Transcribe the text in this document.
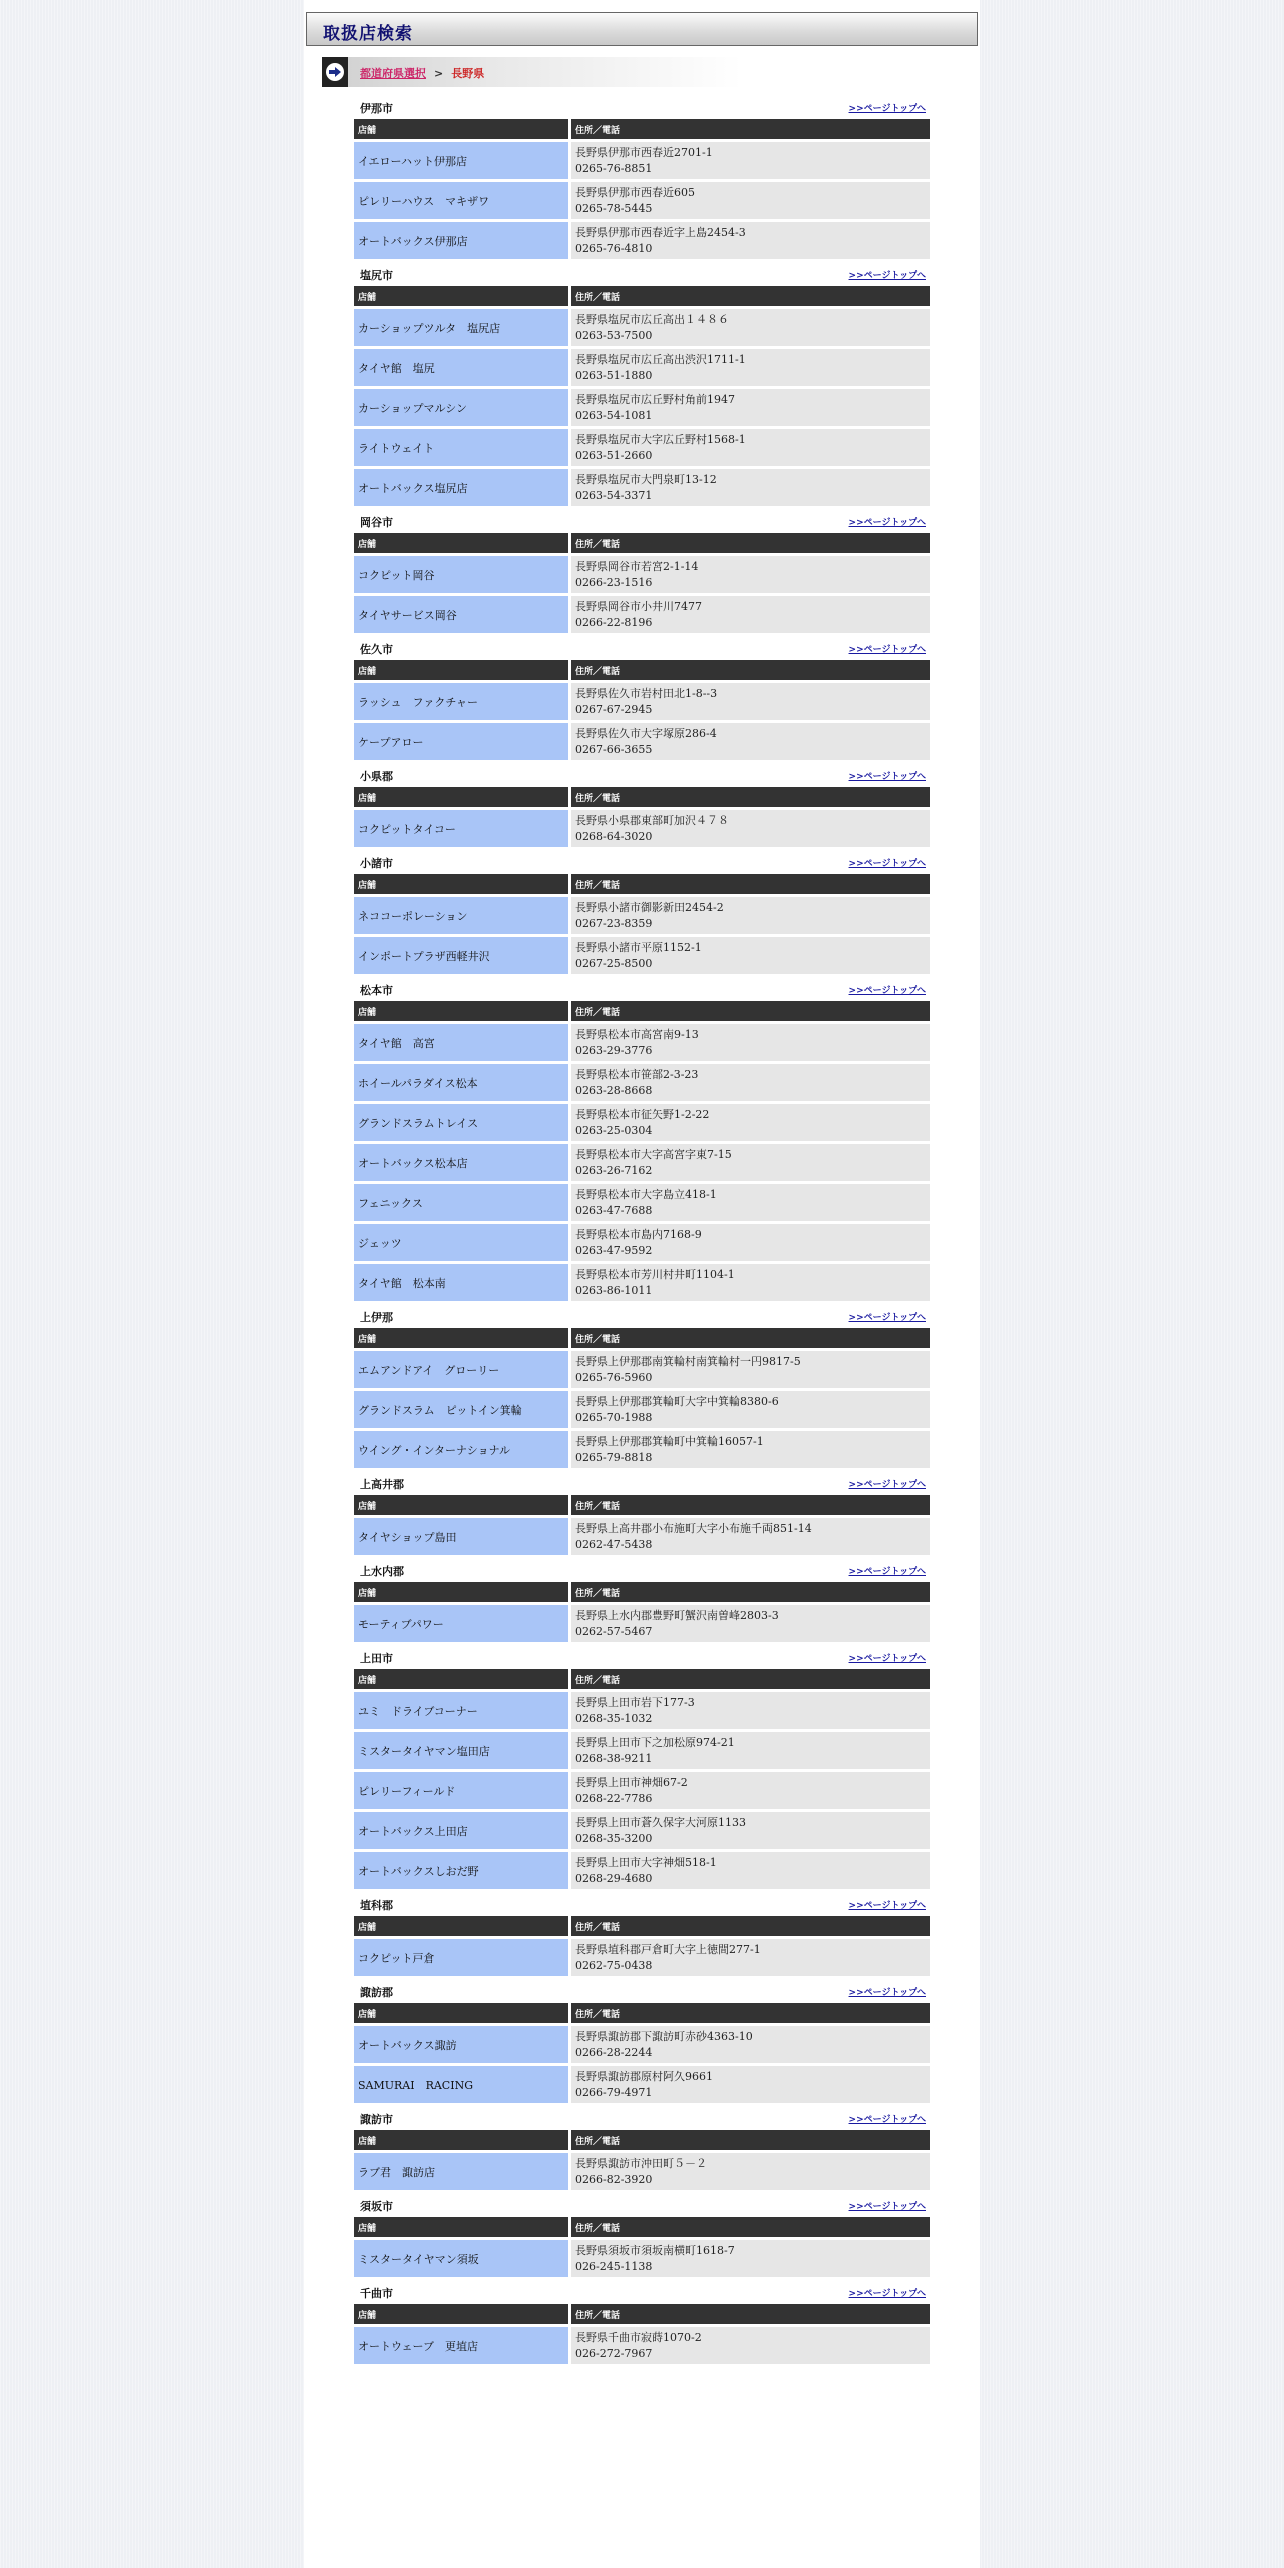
取扱店検索
都道府県選択 > 長野県
伊那市	>>ページトップへ
店舗	住所／電話
イエローハット伊那店	長野県伊那市西春近2701-1
0265-76-8851

ピレリーハウス　マキザワ	長野県伊那市西春近605
0265-78-5445

オートバックス伊那店	長野県伊那市西春近字上島2454-3
0265-76-4810
塩尻市	>>ページトップへ
店舗	住所／電話
カーショップツルタ　塩尻店	長野県塩尻市広丘高出１４８６
0263-53-7500

タイヤ館　塩尻	長野県塩尻市広丘高出渋沢1711-1
0263-51-1880

カーショップマルシン	長野県塩尻市広丘野村角前1947
0263-54-1081

ライトウェイト	長野県塩尻市大字広丘野村1568-1
0263-51-2660

オートバックス塩尻店	長野県塩尻市大門泉町13-12
0263-54-3371
岡谷市	>>ページトップへ
店舗	住所／電話
コクピット岡谷	長野県岡谷市若宮2-1-14
0266-23-1516

タイヤサービス岡谷	長野県岡谷市小井川7477
0266-22-8196
佐久市	>>ページトップへ
店舗	住所／電話
ラッシュ　ファクチャー	長野県佐久市岩村田北1-8--3
0267-67-2945

ケープアロー	長野県佐久市大字塚原286-4
0267-66-3655
小県郡	>>ページトップへ
店舗	住所／電話
コクピットタイコー	長野県小県郡東部町加沢４７８
0268-64-3020
小諸市	>>ページトップへ
店舗	住所／電話
ネココーポレーション	長野県小諸市御影新田2454-2
0267-23-8359

インポートプラザ西軽井沢	長野県小諸市平原1152-1
0267-25-8500
松本市	>>ページトップへ
店舗	住所／電話
タイヤ館　高宮	長野県松本市高宮南9-13
0263-29-3776

ホイールパラダイス松本	長野県松本市笹部2-3-23
0263-28-8668

グランドスラムトレイス	長野県松本市征矢野1-2-22
0263-25-0304

オートバックス松本店	長野県松本市大字高宮字東7-15
0263-26-7162

フェニックス	長野県松本市大字島立418-1
0263-47-7688

ジェッツ	長野県松本市島内7168-9
0263-47-9592

タイヤ館　松本南	長野県松本市芳川村井町1104-1
0263-86-1011
上伊那	>>ページトップへ
店舗	住所／電話
エムアンドアイ　グローリー	長野県上伊那郡南箕輪村南箕輪村一円9817-5
0265-76-5960

グランドスラム　ピットイン箕輪	長野県上伊那郡箕輪町大字中箕輪8380-6
0265-70-1988

ウイング・インターナショナル	長野県上伊那郡箕輪町中箕輪16057-1
0265-79-8818
上高井郡	>>ページトップへ
店舗	住所／電話
タイヤショップ島田	長野県上高井郡小布施町大字小布施千両851-14
0262-47-5438
上水内郡	>>ページトップへ
店舗	住所／電話
モーティブパワー	長野県上水内郡豊野町蟹沢南曽峰2803-3
0262-57-5467
上田市	>>ページトップへ
店舗	住所／電話
ユミ　ドライブコーナー	長野県上田市岩下177-3
0268-35-1032

ミスタータイヤマン塩田店	長野県上田市下之加松原974-21
0268-38-9211

ピレリーフィールド	長野県上田市神畑67-2
0268-22-7786

オートバックス上田店	長野県上田市蒼久保字大河原1133
0268-35-3200

オートバックスしおだ野	長野県上田市大字神畑518-1
0268-29-4680
埴科郡	>>ページトップへ
店舗	住所／電話
コクピット戸倉	長野県埴科郡戸倉町大字上徳間277-1
0262-75-0438
諏訪郡	>>ページトップへ
店舗	住所／電話
オートバックス諏訪	長野県諏訪郡下諏訪町赤砂4363-10
0266-28-2244

SAMURAI　RACING	長野県諏訪郡原村阿久9661
0266-79-4971
諏訪市	>>ページトップへ
店舗	住所／電話
ラブ君　諏訪店	長野県諏訪市沖田町５－２
0266-82-3920
須坂市	>>ページトップへ
店舗	住所／電話
ミスタータイヤマン須坂	長野県須坂市須坂南横町1618-7
026-245-1138
千曲市	>>ページトップへ
店舗	住所／電話
オートウェーブ　更埴店	長野県千曲市寂蒔1070-2
026-272-7967
